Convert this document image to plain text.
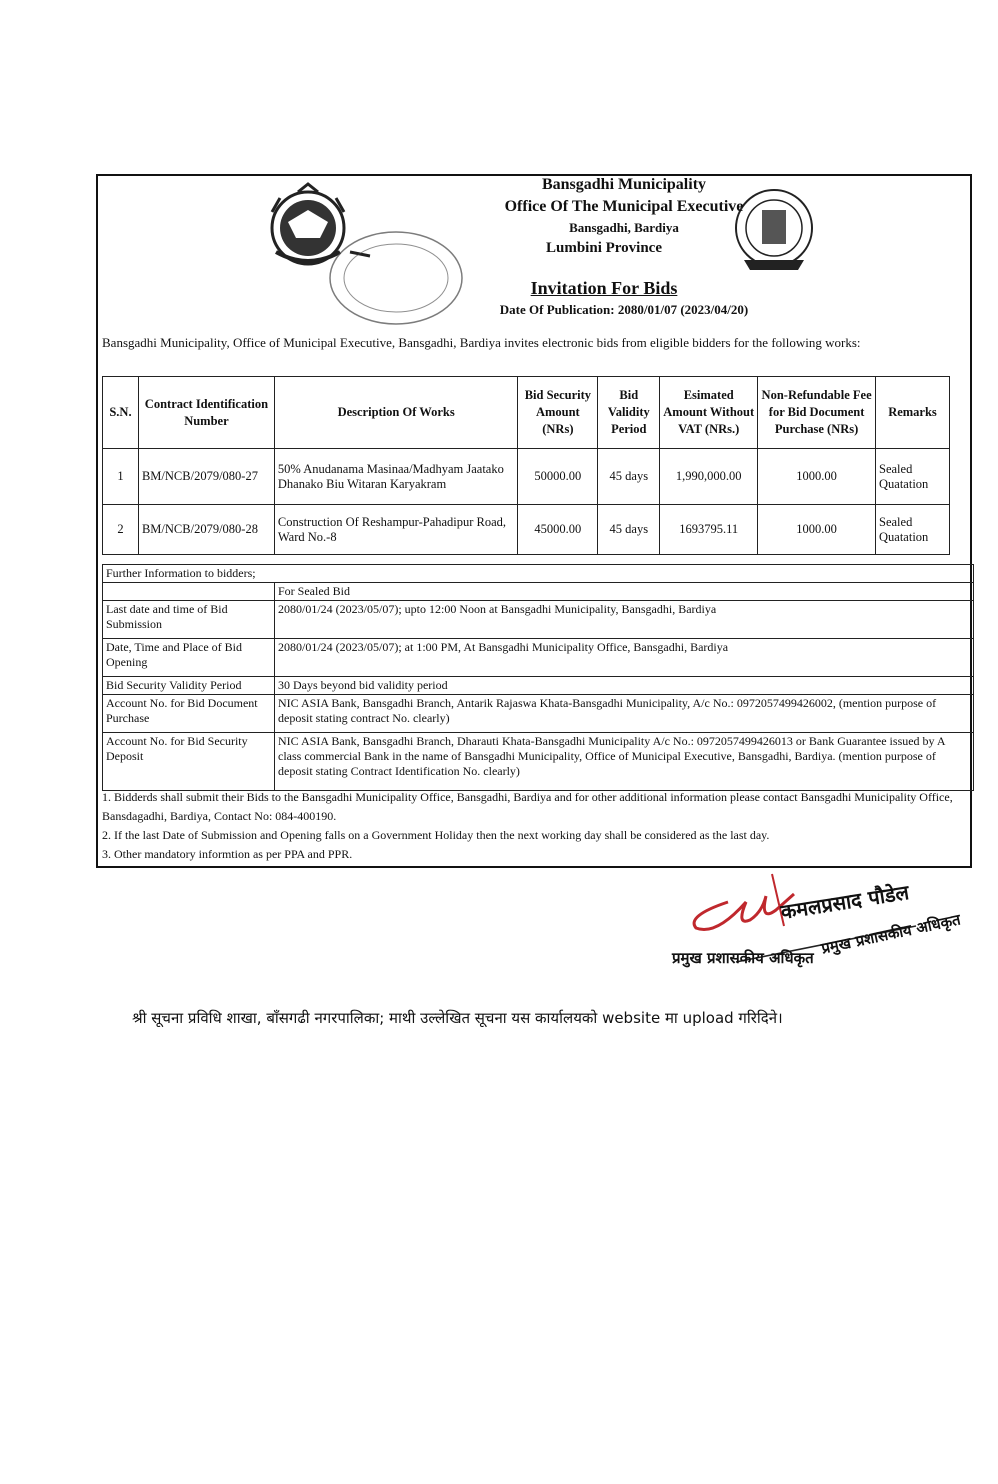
Bansgadhi Municipality
Office Of The Municipal Executive
Bansgadhi, Bardiya
Lumbini Province
Invitation For Bids
Date Of Publication: 2080/01/07 (2023/04/20)
Bansgadhi Municipality, Office of Municipal Executive, Bansgadhi, Bardiya invites electronic bids from eligible bidders for the following works:
S.N.	Contract Identification Number	Description Of Works	Bid Security Amount (NRs)	Bid Validity Period	Esimated Amount Without VAT (NRs.)	Non-Refundable Fee for Bid Document Purchase (NRs)	Remarks
1	BM/NCB/2079/080-27	50% Anudanama Masinaa/Madhyam Jaatako Dhanako Biu Witaran Karyakram	50000.00	45 days	1,990,000.00	1000.00	Sealed Quatation
2	BM/NCB/2079/080-28	Construction Of Reshampur-Pahadipur Road, Ward No.-8	45000.00	45 days	1693795.11	1000.00	Sealed Quatation
Further Information to bidders;	
	For Sealed Bid
Last date and time of Bid Submission	2080/01/24 (2023/05/07); upto 12:00 Noon at Bansgadhi Municipality, Bansgadhi, Bardiya
Date, Time and Place of Bid Opening	2080/01/24 (2023/05/07); at 1:00 PM, At Bansgadhi Municipality Office, Bansgadhi, Bardiya
Bid Security Validity Period	30 Days beyond bid validity period
Account No. for Bid Document Purchase	NIC ASIA Bank, Bansgadhi Branch, Antarik Rajaswa Khata-Bansgadhi Municipality, A/c No.: 0972057499426002, (mention purpose of deposit stating contract No. clearly)
Account No. for Bid Security Deposit	NIC ASIA Bank, Bansgadhi Branch, Dharauti Khata-Bansgadhi Municipality A/c No.: 0972057499426013 or Bank Guarantee issued by A class commercial Bank in the name of Bansgadhi Municipality, Office of Municipal Executive, Bansgadhi, Bardiya. (mention purpose of deposit stating Contract Identification No. clearly)
1. Bidderds shall submit their Bids to the Bansgadhi Municipality Office, Bansgadhi, Bardiya and for other additional information please contact Bansgadhi Municipality Office, Bansdagadhi, Bardiya, Contact No: 084-400190.
2. If the last Date of Submission and Opening falls on a Government Holiday then the next working day shall be considered as the last day.
3. Other mandatory informtion as per PPA and PPR.
कमलप्रसाद पौडेल
प्रमुख प्रशासकीय अधिकृत
प्रमुख प्रशासकीय अधिकृत
श्री सूचना प्रविधि शाखा, बाँसगढी नगरपालिका; माथी उल्लेखित सूचना यस कार्यालयको website मा upload गरिदिने।
